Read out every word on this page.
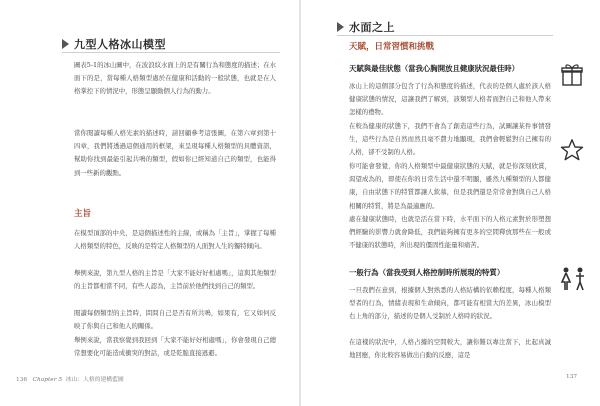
九型人格冰山模型
圖表5-1的冰山圖中，在波浪紋水面上的是有關行為和態度的描述；在水面下的是，當每種人格類型處於在健康和活動的一般狀態，也就是在人格掌控下的情況中，形態呈顯動個人行為的動力。
當你閱讀每種人格光素的描述時，請回顧參考這張圖，在第六章到第十四章，我們將透過這個通用的框架，來呈現每種人格類型的具體資訊，幫助你找到最能引起共鳴的類型，假如你已經知道自己的類型，也能得到一些新的觀點。
主旨
在模型頂部的中央，是這個描述性的主線，或稱為「主旨」，掌握了每種人格類型的特色，反映的是特定人格類型的人面對人生的獨特傾向。
舉例來說，第九型人格的主旨是「大家不能好好相處嗎」，這與其他類型的主旨都相當不同，有些人認為，主旨前於他們找到自己的類型。
閱讀每個類型的主旨時，問問自己是否有所共鳴，如果有，它又如何反映了你與自己和他人的關係。
舉例來說，當我察覺到我回到「大家不能好好相處嗎」，你會發現自己總常想要化可能造成衝突的對話，或是乾脆直接逃避。
136 Chapter 5 冰山：人格的建構藍圖
水面之上
天賦，日常習慣和挑戰
天賦與最佳狀態（當我心胸開放且健康狀況最佳時）
冰山上的這個部分包含了行為和態度的描述，代表的是個人處於該人格健康狀態的情況，這讓我們了解到，該類型人格者面對自己和他人帶來怎樣的禮物。
在較為健康的狀態下，我們不會為了創造這些行為，試圖讓某件事情發生，這些行為是自然而然且毫不費力地顯現，我們會輕鬆對自己擁有的人格，卻不受制的人格。
你可能會發覺，你的人格類型中最健康狀態的天賦，就是你深刻欣賞，渴望成為的，即使在你的日常生活中還不明顯，雖然九種類型的人都健康，自由狀態下的特質都讓人欽慕，但是我們還是常常會對與自己人格相關的特質，將是為最適應的。
處在健康狀態時，也就是活在當下時，水平面下的人格元素對於形塑想們經驗的影響力就會降低，我們能夠擁有更多的空間釋放那些在一般或不健康的狀態時，所出現的僵固性能量和痛苦。
一般行為（當我受到人格控制時所展現的特質）
一旦我們在意到，根據個人對熟悉的人格結構的依賴程度，每種人格類型者的行為，情緒表現和生命傾向，都可能有相當大的差異，冰山模型右上角的部分，描述的是個人受制於人格時的狀況。
在這樣的狀況中，人格占據的空間較大，讓你難以專注當下，比起真誠地回應，你比較容易做出自動的反應，這是
137
